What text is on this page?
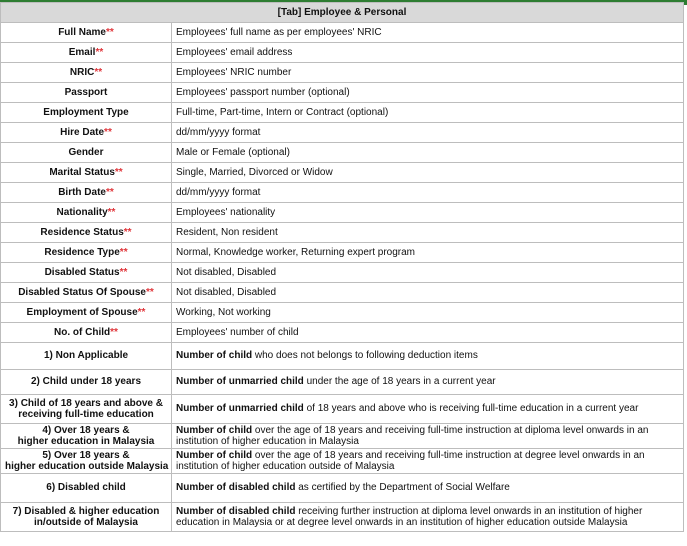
[Tab] Employee & Personal	
Full Name**	Employees' full name as per employees' NRIC
Email**	Employees' email address
NRIC**	Employees' NRIC number
Passport	Employees' passport number (optional)
Employment Type	Full-time, Part-time, Intern or Contract (optional)
Hire Date**	dd/mm/yyyy format
Gender	Male or Female (optional)
Marital Status**	Single, Married, Divorced or Widow
Birth Date**	dd/mm/yyyy format
Nationality**	Employees' nationality
Residence Status**	Resident, Non resident
Residence Type**	Normal, Knowledge worker, Returning expert program
Disabled Status**	Not disabled, Disabled
Disabled Status Of Spouse**	Not disabled, Disabled
Employment of Spouse**	Working, Not working
No. of Child**	Employees' number of child
1) Non Applicable	Number of child who does not belongs to following deduction items
2) Child under 18 years	Number of unmarried child under the age of 18 years in a current year
3) Child of 18 years and above &
receiving full-time education	Number of unmarried child of 18 years and above who is receiving full-time education in a current year
4) Over 18 years &
higher education in Malaysia	Number of child over the age of 18 years and receiving full-time instruction at diploma level onwards in an
institution of higher education in Malaysia
5) Over 18 years &
higher education outside Malaysia	Number of child over the age of 18 years and receiving full-time instruction at degree level onwards in an
institution of higher education outside of Malaysia
6) Disabled child	Number of disabled child as certified by the Department of Social Welfare
7) Disabled & higher education
in/outside of Malaysia	Number of disabled child receiving further instruction at diploma level onwards in an institution of higher
education in Malaysia or at degree level onwards in an institution of higher education outside Malaysia
